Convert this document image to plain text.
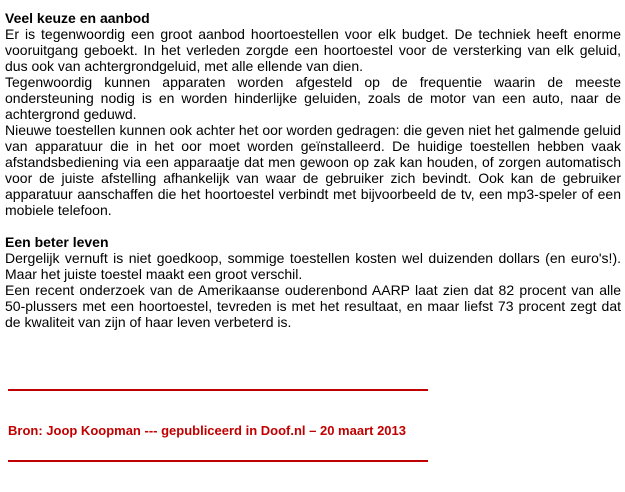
Veel keuze en aanbod

Er is tegenwoordig een groot aanbod hoortoestellen voor elk budget. De techniek heeft enorme vooruitgang geboekt. In het verleden zorgde een hoortoestel voor de versterking van elk geluid, dus ook van achtergrondgeluid, met alle ellende van dien.

Tegenwoordig kunnen apparaten worden afgesteld op de frequentie waarin de meeste ondersteuning nodig is en worden hinderlijke geluiden, zoals de motor van een auto, naar de achtergrond geduwd.

Nieuwe toestellen kunnen ook achter het oor worden gedragen: die geven niet het galmende geluid van apparatuur die in het oor moet worden geïnstalleerd. De huidige toestellen hebben vaak afstandsbediening via een apparaatje dat men gewoon op zak kan houden, of zorgen automatisch voor de juiste afstelling afhankelijk van waar de gebruiker zich bevindt. Ook kan de gebruiker apparatuur aanschaffen die het hoortoestel verbindt met bijvoorbeeld de tv, een mp3-speler of een mobiele telefoon.

Een beter leven

Dergelijk vernuft is niet goedkoop, sommige toestellen kosten wel duizenden dollars (en euro's!). Maar het juiste toestel maakt een groot verschil.

Een recent onderzoek van de Amerikaanse ouderenbond AARP laat zien dat 82 procent van alle 50-plussers met een hoortoestel, tevreden is met het resultaat, en maar liefst 73 procent zegt dat de kwaliteit van zijn of haar leven verbeterd is.

Bron: Joop Koopman --- gepubliceerd in Doof.nl – 20 maart 2013
